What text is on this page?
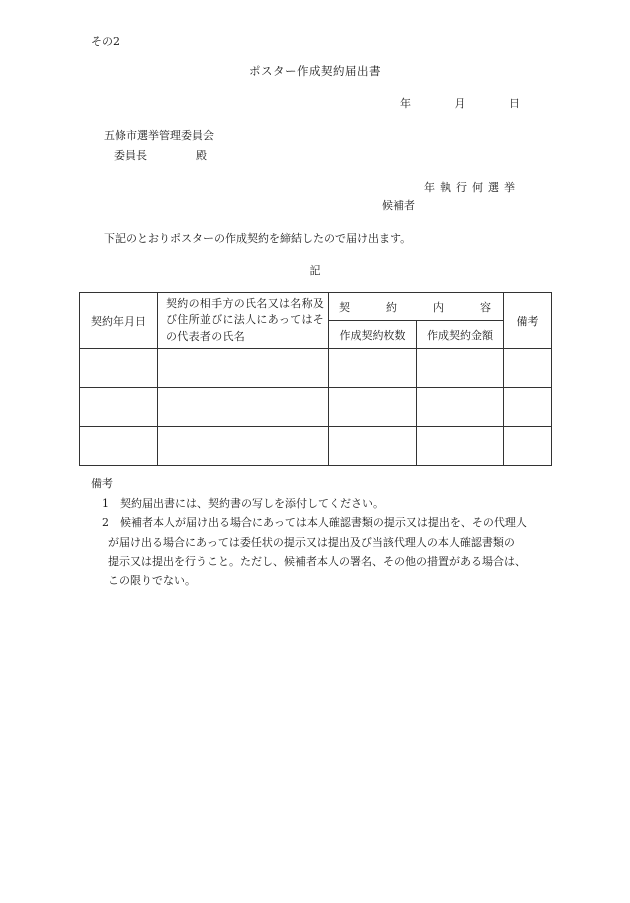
その2
ポスター作成契約届出書
年	月	日
五條市選挙管理委員会
委員長	殿
年執行何選挙
候補者
下記のとおりポスターの作成契約を締結したので届け出ます。
記
契約年月日	契約の相手方の氏名又は名称及び住所並びに法人にあってはその代表者の氏名	契 約 内 容		備考
		作成契約枚数	作成契約金額	

備考
1 契約届出書には、契約書の写しを添付してください。
2 候補者本人が届け出る場合にあっては本人確認書類の提示又は提出を、その代理人
が届け出る場合にあっては委任状の提示又は提出及び当該代理人の本人確認書類の
提示又は提出を行うこと。ただし、候補者本人の署名、その他の措置がある場合は、
この限りでない。
